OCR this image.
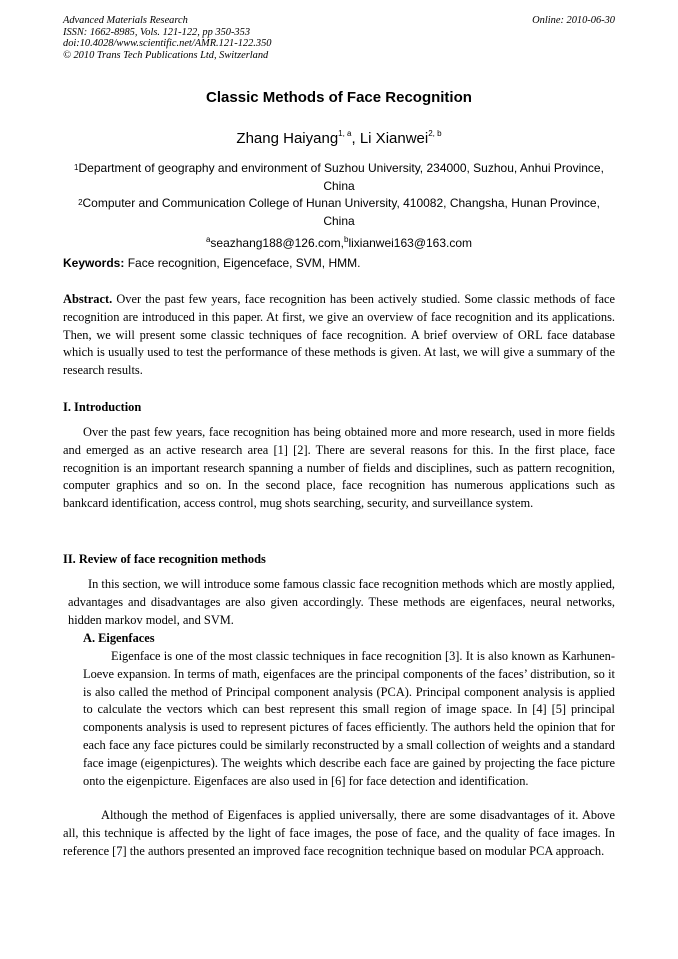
Advanced Materials Research
ISSN: 1662-8985, Vols. 121-122, pp 350-353
doi:10.4028/www.scientific.net/AMR.121-122.350
© 2010 Trans Tech Publications Ltd, Switzerland
Online: 2010-06-30
Classic Methods of Face Recognition
Zhang Haiyang$^{1, a}$, Li Xianwei$^{2, b}$
$^1$Department of geography and environment of Suzhou University, 234000, Suzhou, Anhui Province,
China
$^2$Computer and Communication College of Hunan University, 410082, Changsha, Hunan Province,
China
$^a$seazhang188@126.com,$^b$lixianwei163@163.com
Keywords: Face recognition, Eigenceface, SVM, HMM.
Abstract. Over the past few years, face recognition has been actively studied. Some classic methods of face recognition are introduced in this paper. At first, we give an overview of face recognition and its applications. Then, we will present some classic techniques of face recognition. A brief overview of ORL face database which is usually used to test the performance of these methods is given. At last, we will give a summary of the research results.
I. Introduction
Over the past few years, face recognition has being obtained more and more research, used in more fields and emerged as an active research area [1] [2]. There are several reasons for this. In the first place, face recognition is an important research spanning a number of fields and disciplines, such as pattern recognition, computer graphics and so on. In the second place, face recognition has numerous applications such as bankcard identification, access control, mug shots searching, security, and surveillance system.
II. Review of face recognition methods
In this section, we will introduce some famous classic face recognition methods which are mostly applied, advantages and disadvantages are also given accordingly. These methods are eigenfaces, neural networks, hidden markov model, and SVM.
A. Eigenfaces
Eigenface is one of the most classic techniques in face recognition [3]. It is also known as Karhunen-Loeve expansion. In terms of math, eigenfaces are the principal components of the faces’ distribution, so it is also called the method of Principal component analysis (PCA). Principal component analysis is applied to calculate the vectors which can best represent this small region of image space. In [4] [5] principal components analysis is used to represent pictures of faces efficiently. The authors held the opinion that for each face any face pictures could be similarly reconstructed by a small collection of weights and a standard face image (eigenpictures). The weights which describe each face are gained by projecting the face picture onto the eigenpicture. Eigenfaces are also used in [6] for face detection and identification.
Although the method of Eigenfaces is applied universally, there are some disadvantages of it. Above all, this technique is affected by the light of face images, the pose of face, and the quality of face images. In reference [7] the authors presented an improved face recognition technique based on modular PCA approach.
